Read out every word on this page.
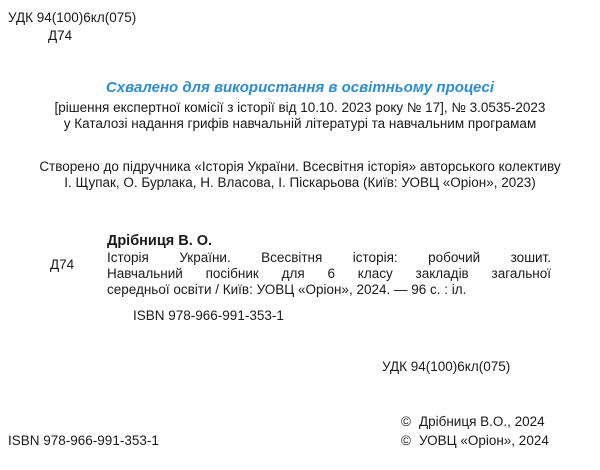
УДК 94(100)6кл(075)
Д74
Схвалено для використання в освітньому процесі
[рішення експертної комісії з історії від 10.10. 2023 року № 17], № 3.0535-2023
у Каталозі надання грифів навчальній літературі та навчальним програмам
Створено до підручника «Історія України. Всесвітня історія» авторського колективу
І. Щупак, О. Бурлака, Н. Власова, І. Піскарьова (Київ: УОВЦ «Оріон», 2023)
Д74
Дрібниця В. О.
Історія України. Всесвітня історія: робочий зошит.
Навчальний посібник для 6 класу закладів загальної
середньої освіти / Київ: УОВЦ «Оріон», 2024. — 96 с. : іл.
ISBN 978-966-991-353-1
УДК 94(100)6кл(075)
© Дрібниця В.О., 2024
© УОВЦ «Оріон», 2024
ISBN 978-966-991-353-1
